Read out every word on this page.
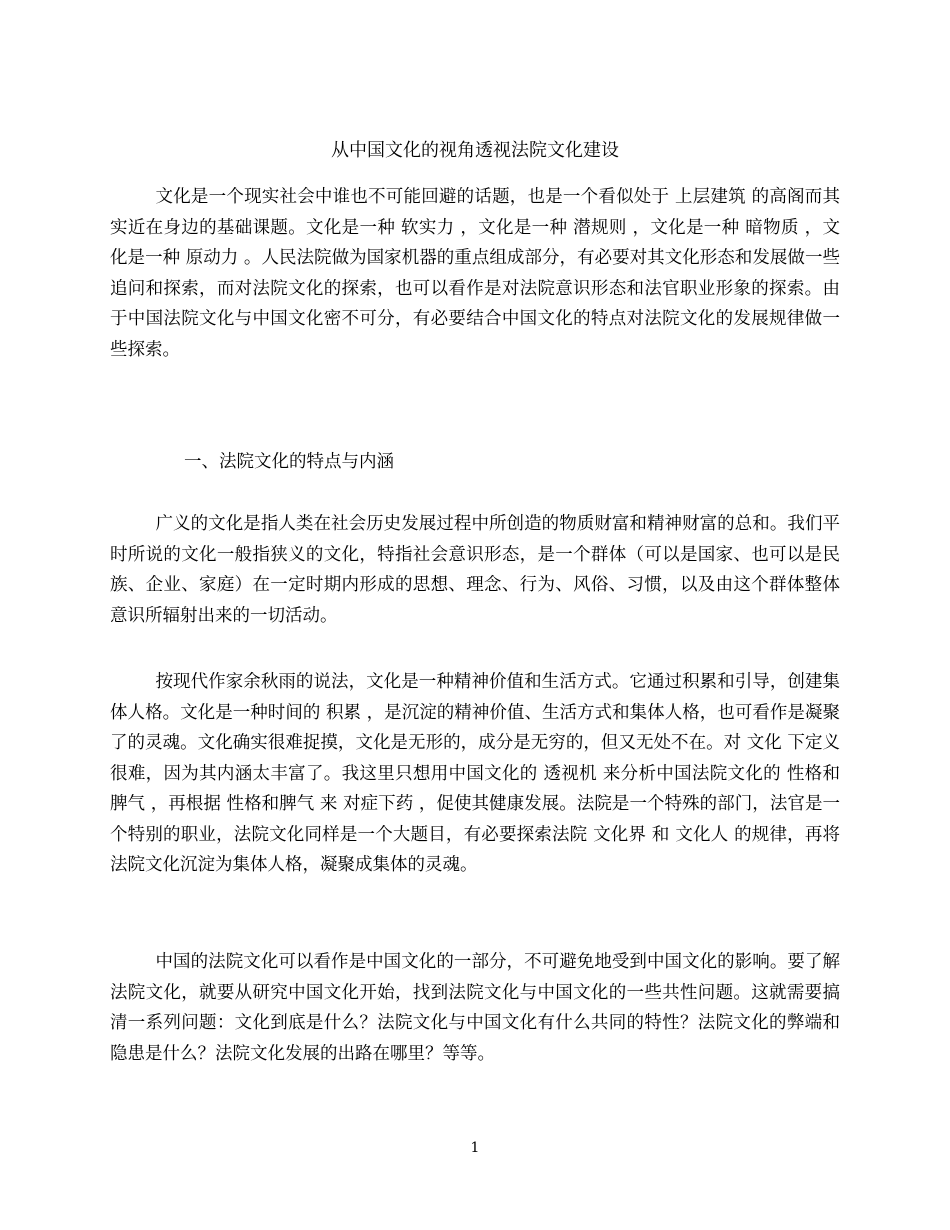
从中国文化的视角透视法院文化建设

文化是一个现实社会中谁也不可能回避的话题，也是一个看似处于 上层建筑 的高阁而其实近在身边的基础课题。文化是一种 软实力 ，文化是一种 潜规则 ，文化是一种 暗物质 ，文化是一种 原动力 。人民法院做为国家机器的重点组成部分，有必要对其文化形态和发展做一些追问和探索，而对法院文化的探索，也可以看作是对法院意识形态和法官职业形象的探索。由于中国法院文化与中国文化密不可分，有必要结合中国文化的特点对法院文化的发展规律做一些探索。

一、法院文化的特点与内涵

广义的文化是指人类在社会历史发展过程中所创造的物质财富和精神财富的总和。我们平时所说的文化一般指狭义的文化，特指社会意识形态，是一个群体（可以是国家、也可以是民族、企业、家庭）在一定时期内形成的思想、理念、行为、风俗、习惯，以及由这个群体整体意识所辐射出来的一切活动。

按现代作家余秋雨的说法，文化是一种精神价值和生活方式。它通过积累和引导，创建集体人格。文化是一种时间的 积累 ，是沉淀的精神价值、生活方式和集体人格，也可看作是凝聚了的灵魂。文化确实很难捉摸，文化是无形的，成分是无穷的，但又无处不在。对 文化 下定义很难，因为其内涵太丰富了。我这里只想用中国文化的 透视机 来分析中国法院文化的 性格和脾气 ，再根据 性格和脾气 来 对症下药 ，促使其健康发展。法院是一个特殊的部门，法官是一个特别的职业，法院文化同样是一个大题目，有必要探索法院 文化界 和 文化人 的规律，再将法院文化沉淀为集体人格，凝聚成集体的灵魂。

中国的法院文化可以看作是中国文化的一部分，不可避免地受到中国文化的影响。要了解法院文化，就要从研究中国文化开始，找到法院文化与中国文化的一些共性问题。这就需要搞清一系列问题：文化到底是什么？法院文化与中国文化有什么共同的特性？法院文化的弊端和隐患是什么？法院文化发展的出路在哪里？等等。

1
